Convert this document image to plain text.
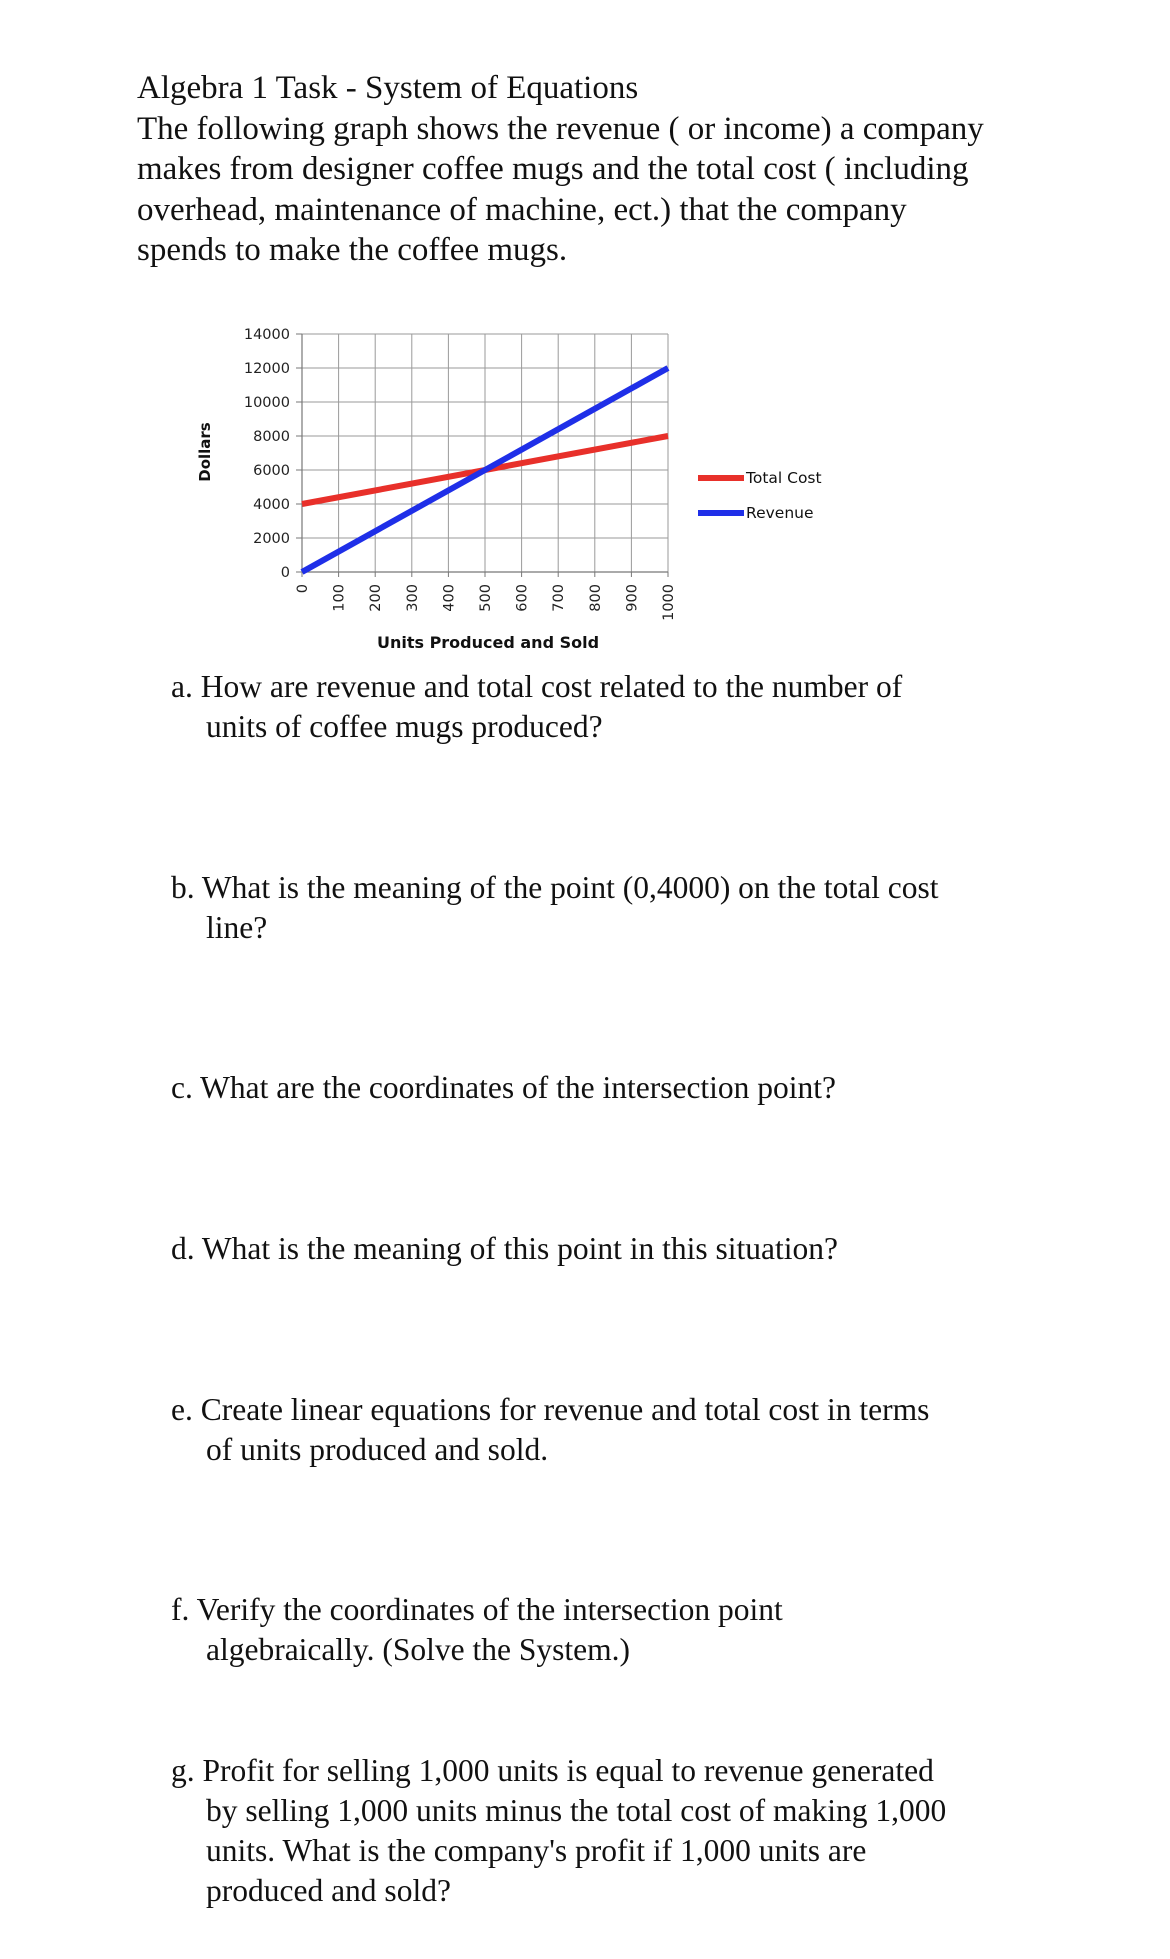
Algebra 1 Task - System of Equations
The following graph shows the revenue ( or income) a company
makes from designer coffee mugs and the total cost ( including
overhead, maintenance of machine, ect.) that the company
spends to make the coffee mugs.
0
2000
4000
6000
8000
10000
12000
14000
0 100 200 300 400 500 600 700 800 900 1000
Total Cost
Revenue
Dollars
Units Produced and Sold
a. How are revenue and total cost related to the number of
units of coffee mugs produced?
b. What is the meaning of the point (0,4000) on the total cost
line?
c. What are the coordinates of the intersection point?
d. What is the meaning of this point in this situation?
e. Create linear equations for revenue and total cost in terms
of units produced and sold.
f. Verify the coordinates of the intersection point
algebraically. (Solve the System.)
g. Profit for selling 1,000 units is equal to revenue generated
by selling 1,000 units minus the total cost of making 1,000
units. What is the company's profit if 1,000 units are
produced and sold?
